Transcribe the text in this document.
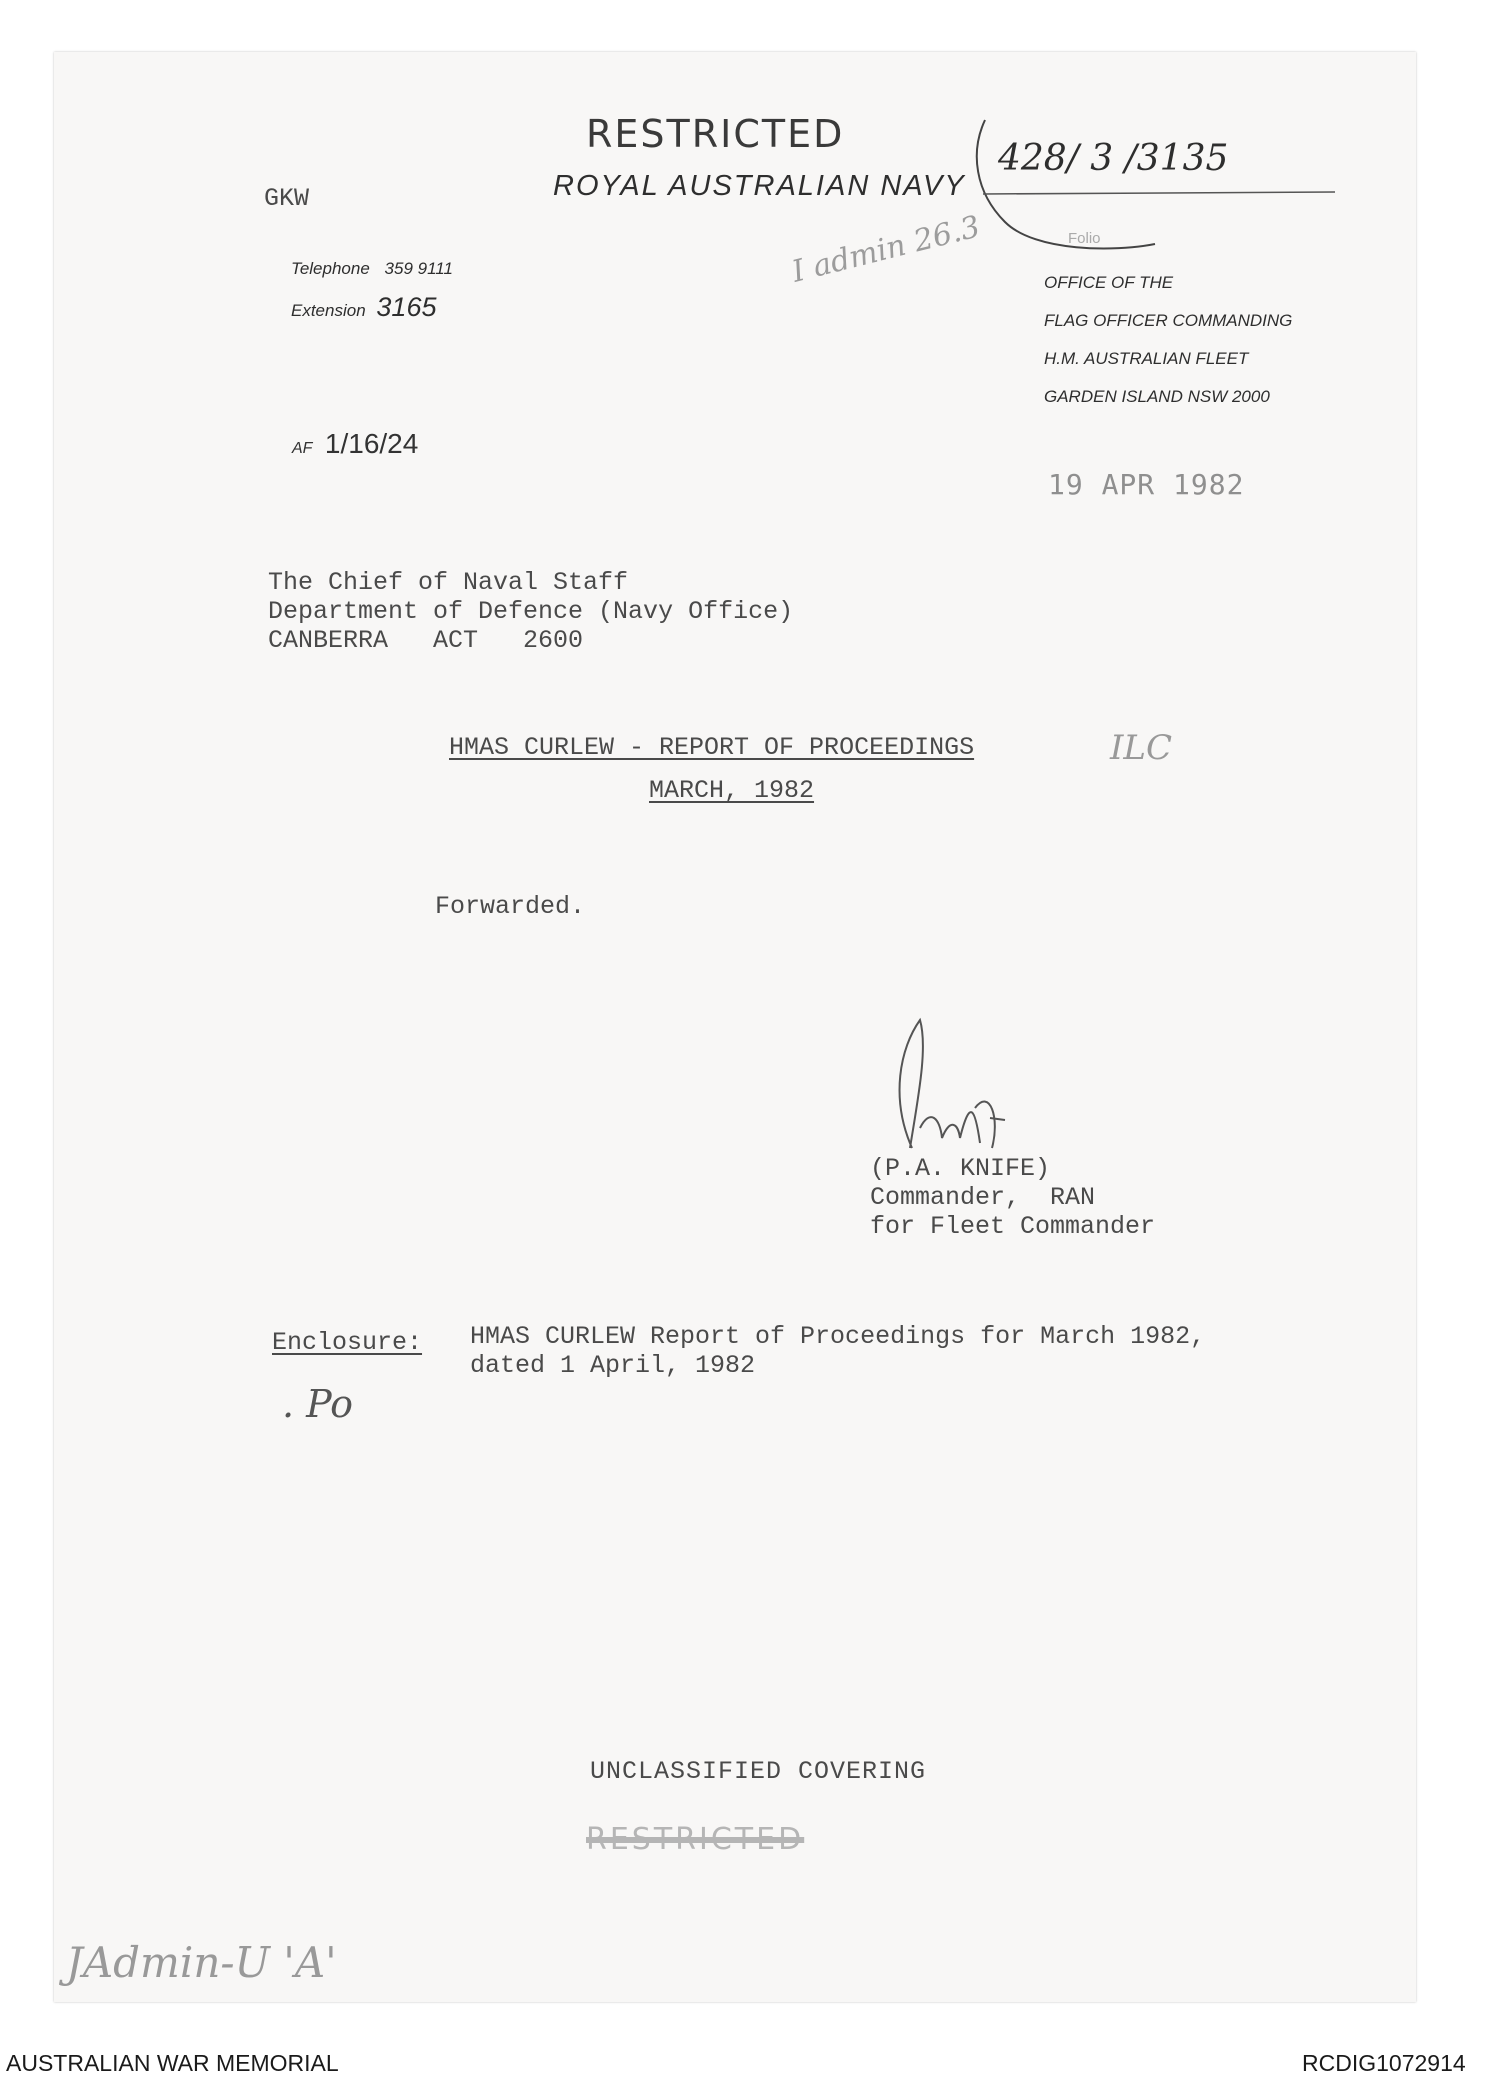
RESTRICTED
ROYAL AUSTRALIAN NAVY
GKW
428/ 3 /3135
Folio
Telephone 359 9111
Extension 3165
I admin 26.3	OFFICE OF THE
FLAG OFFICER COMMANDING
H.M. AUSTRALIAN FLEET
GARDEN ISLAND NSW 2000
AF 1/16/24
19 APR 1982
The Chief of Naval Staff
Department of Defence (Navy Office)
CANBERRA   ACT   2600
HMAS CURLEW - REPORT OF PROCEEDINGS
MARCH, 1982
ILC
Forwarded.
(P.A. KNIFE)
Commander,  RAN
for Fleet Commander
Enclosure: HMAS CURLEW Report of Proceedings for March 1982,
dated 1 April, 1982
. Po
UNCLASSIFIED COVERING
RESTRICTED
JAdmin-U 'A'
AUSTRALIAN WAR MEMORIAL	RCDIG1072914
